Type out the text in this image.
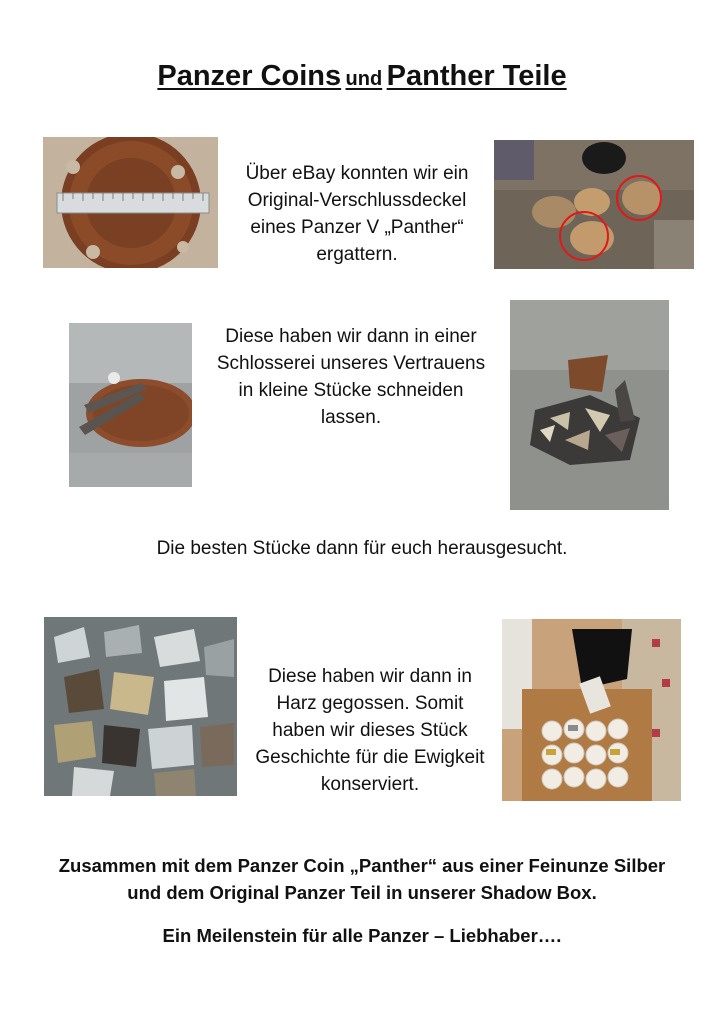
Panzer Coins und Panther Teile
Über eBay konnten wir ein
Original-Verschlussdeckel
eines Panzer V „Panther“
ergattern.
Diese haben wir dann in einer
Schlosserei unseres Vertrauens
in kleine Stücke schneiden
lassen.
Die besten Stücke dann für euch herausgesucht.
Diese haben wir dann in
Harz gegossen. Somit
haben wir dieses Stück
Geschichte für die Ewigkeit
konserviert.
Zusammen mit dem Panzer Coin „Panther“ aus einer Feinunze Silber
und dem Original Panzer Teil in unserer Shadow Box.
Ein Meilenstein für alle Panzer – Liebhaber….
